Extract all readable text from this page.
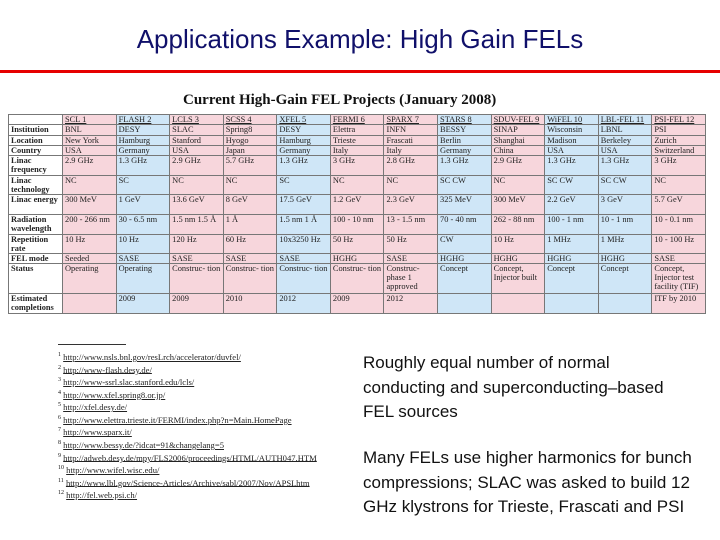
Applications Example: High Gain FELs
Current High-Gain FEL Projects (January 2008)
	SCL 1	FLASH 2	LCLS 3	SCSS 4	XFEL 5	FERMI 6	SPARX 7	STARS 8	SDUV-FEL 9	WiFEL 10	LBL-FEL 11	PSI-FEL 12
Institution	BNL	DESY	SLAC	Spring8	DESY	Elettra	INFN	BESSY	SINAP	Wisconsin	LBNL	PSI
Location	New York	Hamburg	Stanford	Hyogo	Hamburg	Trieste	Frascati	Berlin	Shanghai	Madison	Berkeley	Zurich
Country	USA	Germany	USA	Japan	Germany	Italy	Italy	Germany	China	USA	USA	Switzerland
Linac frequency	2.9 GHz	1.3 GHz	2.9 GHz	5.7 GHz	1.3 GHz	3 GHz	2.8 GHz	1.3 GHz	2.9 GHz	1.3 GHz	1.3 GHz	3 GHz
Linac technology	NC	SC	NC	NC	SC	NC	NC	SC CW	NC	SC CW	SC CW	NC
Linac energy	300 MeV	1 GeV	13.6 GeV	8 GeV	17.5 GeV	1.2 GeV	2.3 GeV	325 MeV	300 MeV	2.2 GeV	3 GeV	5.7 GeV
Radiation wavelength	200 - 266 nm	30 - 6.5 nm	1.5 nm 1.5 Å	1 Å	1.5 nm 1 Å	100 - 10 nm	13 - 1.5 nm	70 - 40 nm	262 - 88 nm	100 - 1 nm	10 - 1 nm	10 - 0.1 nm
Repetition rate	10 Hz	10 Hz	120 Hz	60 Hz	10x3250 Hz	50 Hz	50 Hz	CW	10 Hz	1 MHz	1 MHz	10 - 100 Hz
FEL mode	Seeded	SASE	SASE	SASE	SASE	HGHG	SASE	HGHG	HGHG	HGHG	HGHG	SASE
Status	Operating	Operating	Construc- tion	Construc- tion	Construc- tion	Construc- tion	Construc- phase 1 approved	Concept	Concept, Injector built	Concept	Concept	Concept, Injector test facility (TIF)
Estimated completions		2009	2009	2010	2012	2009	2012					ITF by 2010
$^1$ http://www.nsls.bnl.gov/resLrch/accelerator/duvfel/
$^2$ http://www-flash.desy.de/
$^3$ http://www-ssrl.slac.stanford.edu/lcls/
$^4$ http://www.xfel.spring8.or.jp/
$^5$ http://xfel.desy.de/
$^6$ http://www.elettra.trieste.it/FERMI/index.php?n=Main.HomePage
$^7$ http://www.sparx.it/
$^8$ http://www.bessy.de/?idcat=91&changelang=5
$^9$ http://adweb.desy.de/mpy/FLS2006/proceedings/HTML/AUTH047.HTM
$^{10}$ http://www.wifel.wisc.edu/
$^{11}$ http://www.lbl.gov/Science-Articles/Archive/sabl/2007/Nov/APSI.htm
$^{12}$ http://fel.web.psi.ch/

Roughly equal number of normal conducting and superconducting–based FEL sources

Many FELs use higher harmonics for bunch compressions; SLAC was asked to build 12 GHz klystrons for Trieste, Frascati and PSI
